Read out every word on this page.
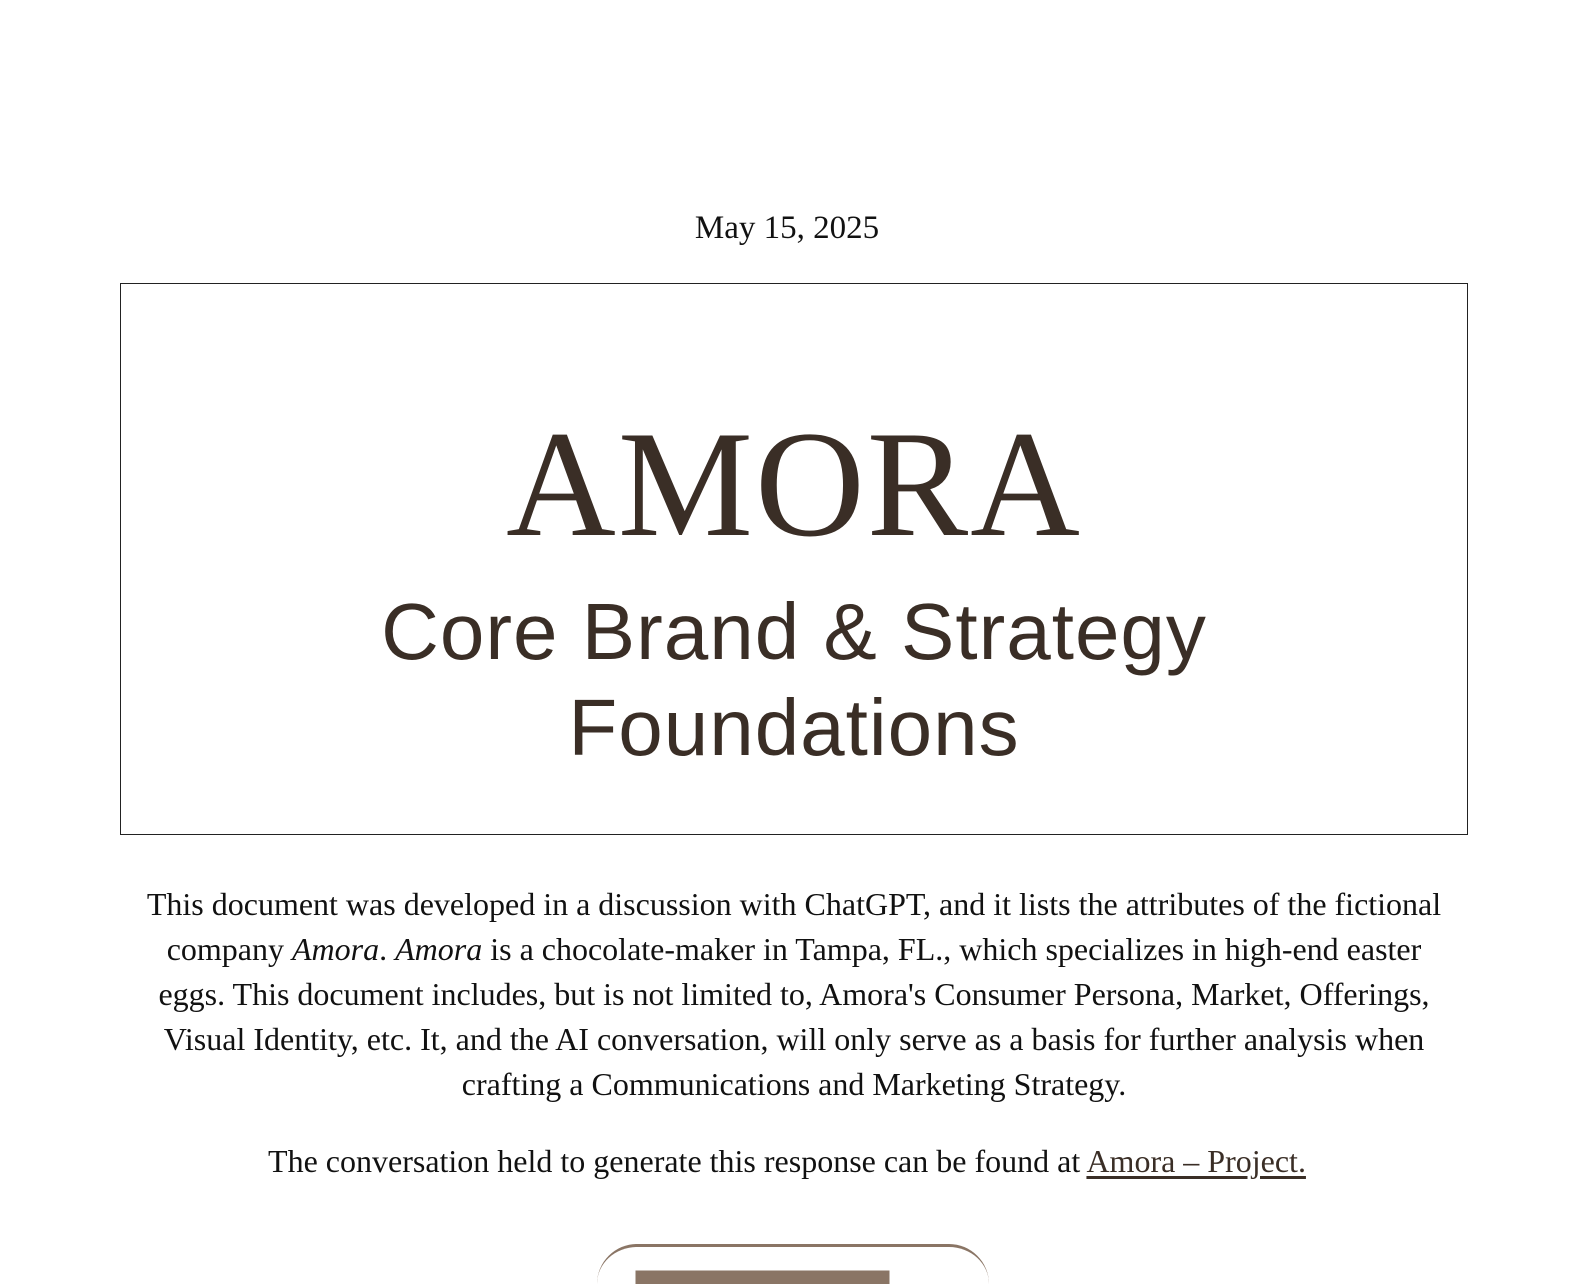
May 15, 2025
AMORA
Core Brand & Strategy
Foundations

This document was developed in a discussion with ChatGPT, and it lists the attributes of the fictional company Amora. Amora is a chocolate-maker in Tampa, FL., which specializes in high-end easter eggs. This document includes, but is not limited to, Amora's Consumer Persona, Market, Offerings, Visual Identity, etc. It, and the AI conversation, will only serve as a basis for further analysis when crafting a Communications and Marketing Strategy.

The conversation held to generate this response can be found at Amora – Project.
